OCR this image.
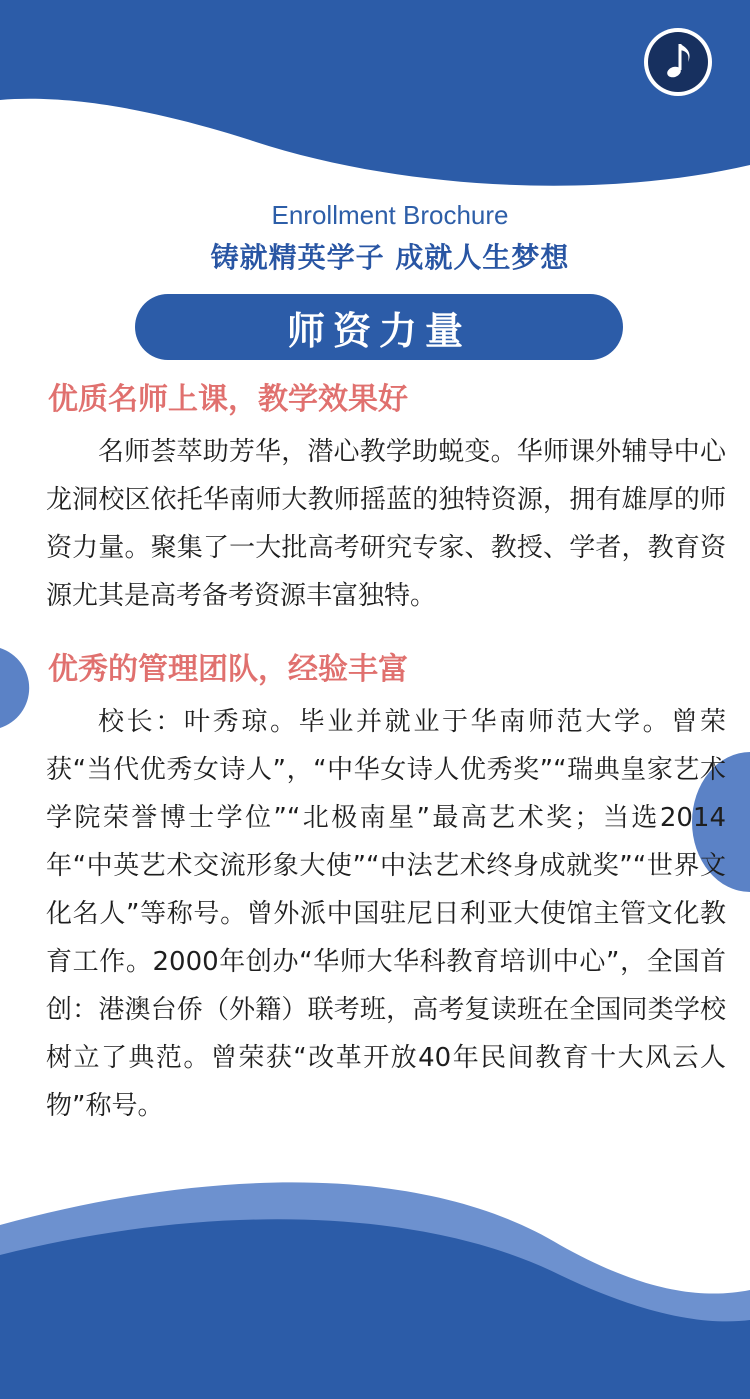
Enrollment Brochure
铸就精英学子 成就人生梦想
师资力量
优质名师上课，教学效果好
名师荟萃助芳华，潜心教学助蜕变。华师课外辅导中心龙洞校区依托华南师大教师摇蓝的独特资源，拥有雄厚的师资力量。聚集了一大批高考研究专家、教授、学者，教育资源尤其是高考备考资源丰富独特。
优秀的管理团队，经验丰富
校长：叶秀琼。毕业并就业于华南师范大学。曾荣获“当代优秀女诗人”，“中华女诗人优秀奖”“瑞典皇家艺术学院荣誉博士学位”“北极南星”最高艺术奖；当选2014年“中英艺术交流形象大使”“中法艺术终身成就奖”“世界文化名人”等称号。曾外派中国驻尼日利亚大使馆主管文化教育工作。2000年创办“华师大华科教育培训中心”，全国首创：港澳台侨（外籍）联考班，高考复读班在全国同类学校树立了典范。曾荣获“改革开放40年民间教育十大风云人物”称号。
